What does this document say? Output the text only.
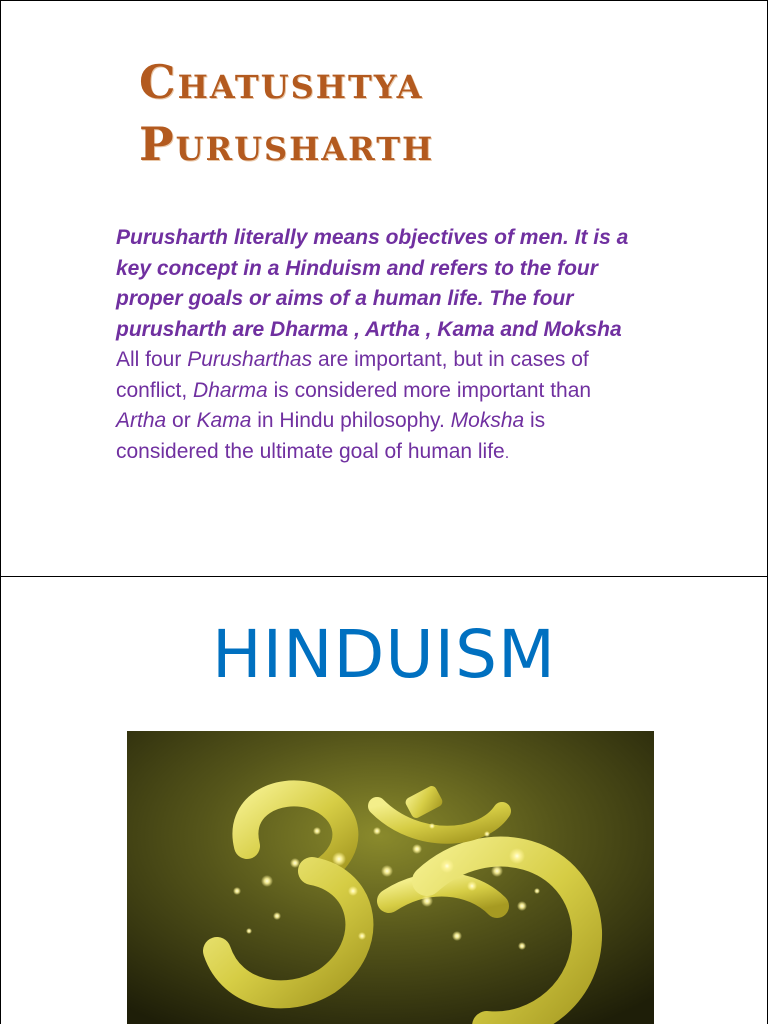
Chatushtya
Purusharth

Purusharth literally means objectives of men. It is a key concept in a Hinduism and refers to the four proper goals or aims of a human life. The four purusharth are Dharma , Artha , Kama and Moksha All four Purusharthas are important, but in cases of conflict, Dharma is considered more important than Artha or Kama in Hindu philosophy. Moksha is considered the ultimate goal of human life.

HINDUISM
